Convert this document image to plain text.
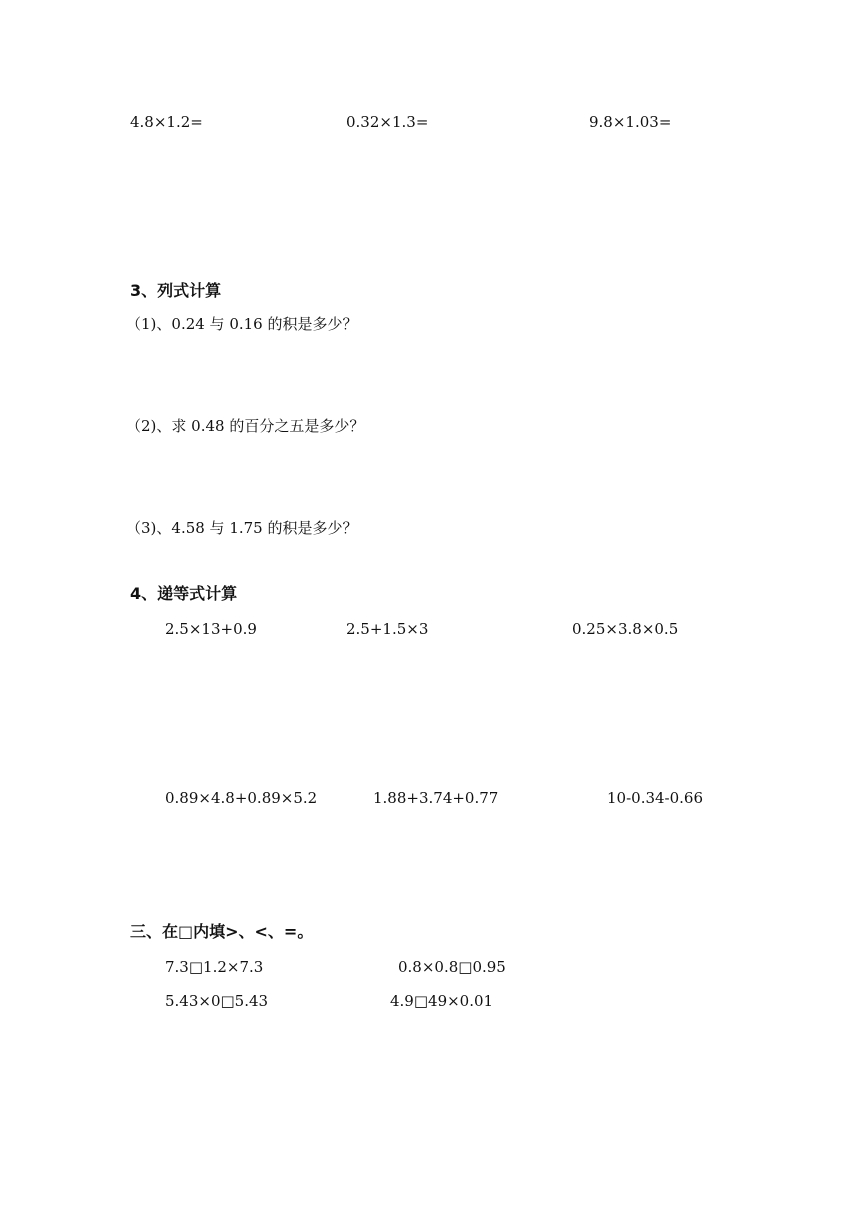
4.8×1.2=	0.32×1.3=	9.8×1.03=
3、列式计算
（1)、0.24 与 0.16 的积是多少？
（2)、求 0.48 的百分之五是多少？
（3)、4.58 与 1.75 的积是多少？
4、递等式计算
2.5×13+0.9	2.5+1.5×3	0.25×3.8×0.5
0.89×4.8+0.89×5.2	1.88+3.74+0.77	10-0.34-0.66
三、在□内填>、<、=。
7.3□1.2×7.3	0.8×0.8□0.95
5.43×0□5.43	4.9□49×0.01
